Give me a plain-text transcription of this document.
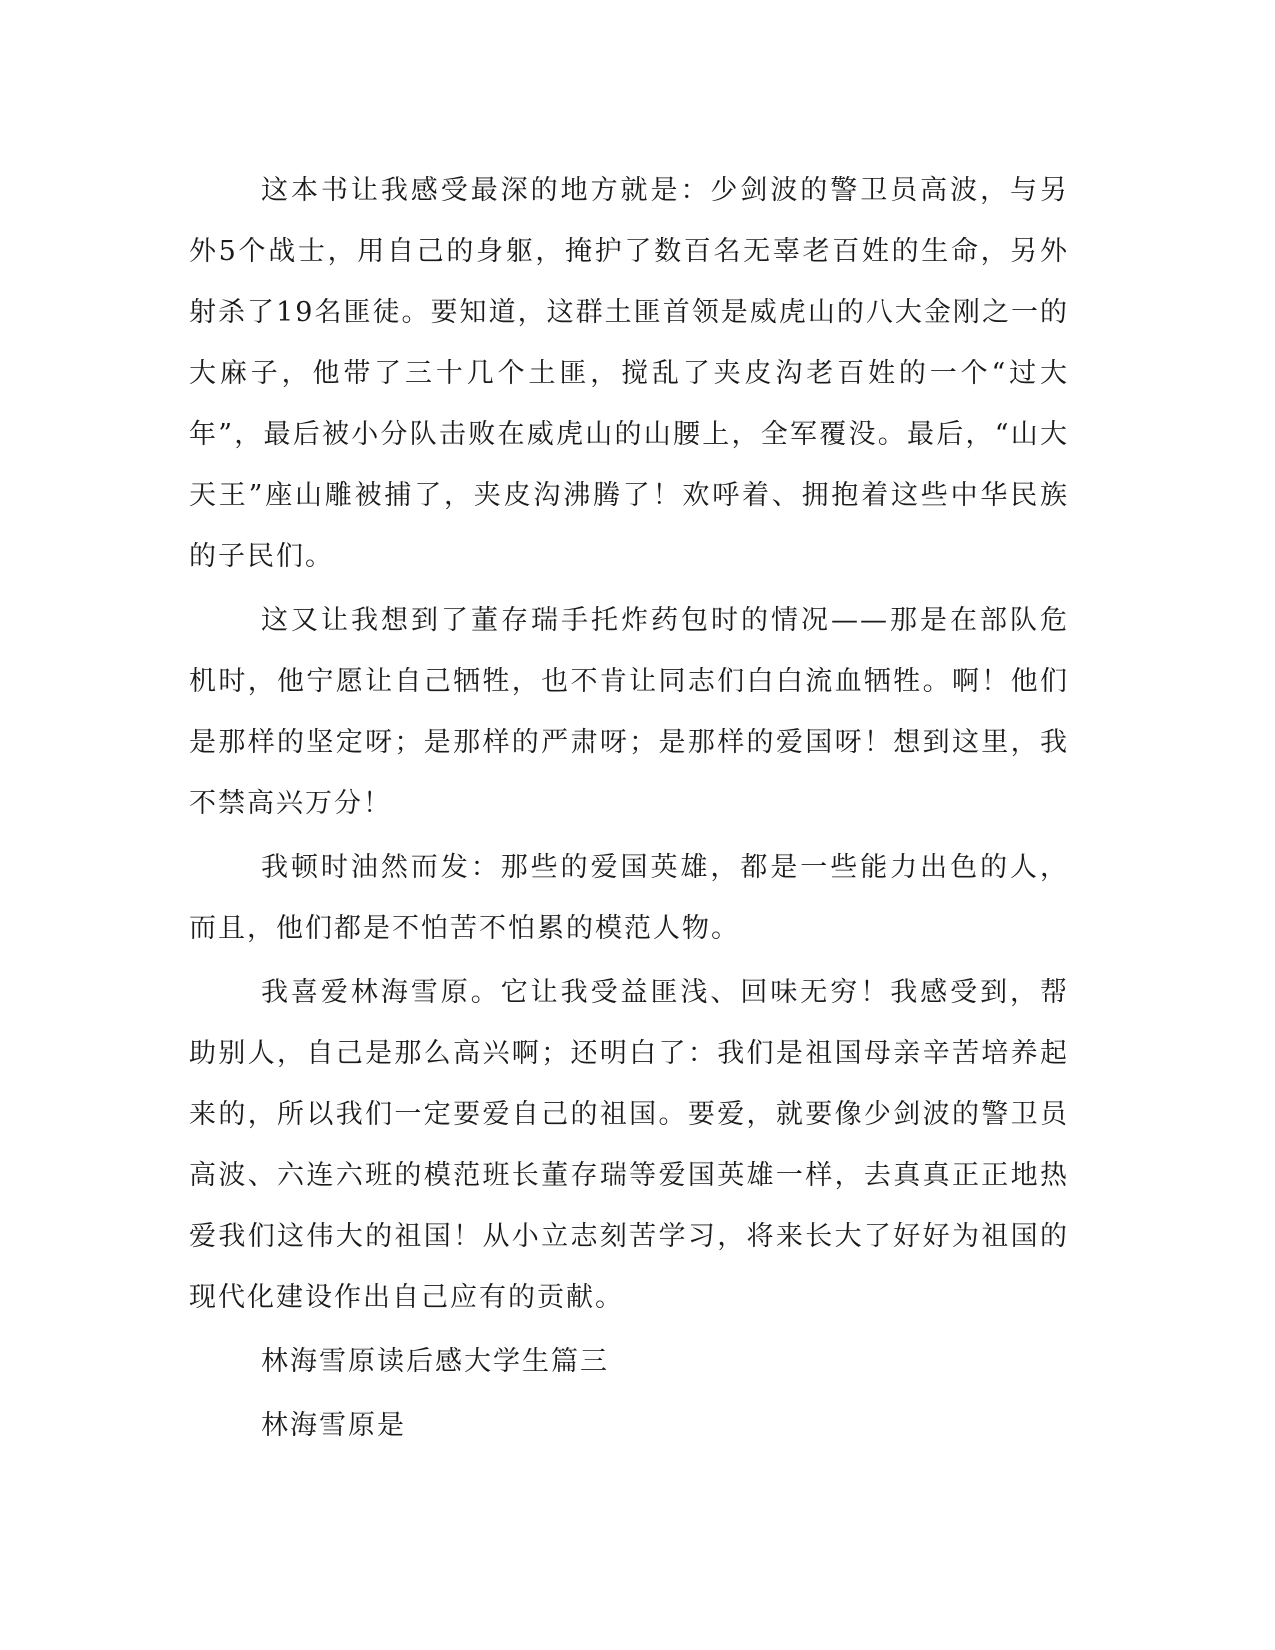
这本书让我感受最深的地方就是：少剑波的警卫员高波，与另外5个战士，用自己的身躯，掩护了数百名无辜老百姓的生命，另外射杀了19名匪徒。要知道，这群土匪首领是威虎山的八大金刚之一的大麻子，他带了三十几个土匪，搅乱了夹皮沟老百姓的一个“过大年”，最后被小分队击败在威虎山的山腰上，全军覆没。最后，“山大天王”座山雕被捕了，夹皮沟沸腾了！欢呼着、拥抱着这些中华民族的子民们。

这又让我想到了董存瑞手托炸药包时的情况——那是在部队危机时，他宁愿让自己牺牲，也不肯让同志们白白流血牺牲。啊！他们是那样的坚定呀；是那样的严肃呀；是那样的爱国呀！想到这里，我不禁高兴万分！

我顿时油然而发：那些的爱国英雄，都是一些能力出色的人，而且，他们都是不怕苦不怕累的模范人物。

我喜爱林海雪原。它让我受益匪浅、回味无穷！我感受到，帮助别人，自己是那么高兴啊；还明白了：我们是祖国母亲辛苦培养起来的，所以我们一定要爱自己的祖国。要爱，就要像少剑波的警卫员高波、六连六班的模范班长董存瑞等爱国英雄一样，去真真正正地热爱我们这伟大的祖国！从小立志刻苦学习，将来长大了好好为祖国的现代化建设作出自己应有的贡献。

林海雪原读后感大学生篇三

林海雪原是
